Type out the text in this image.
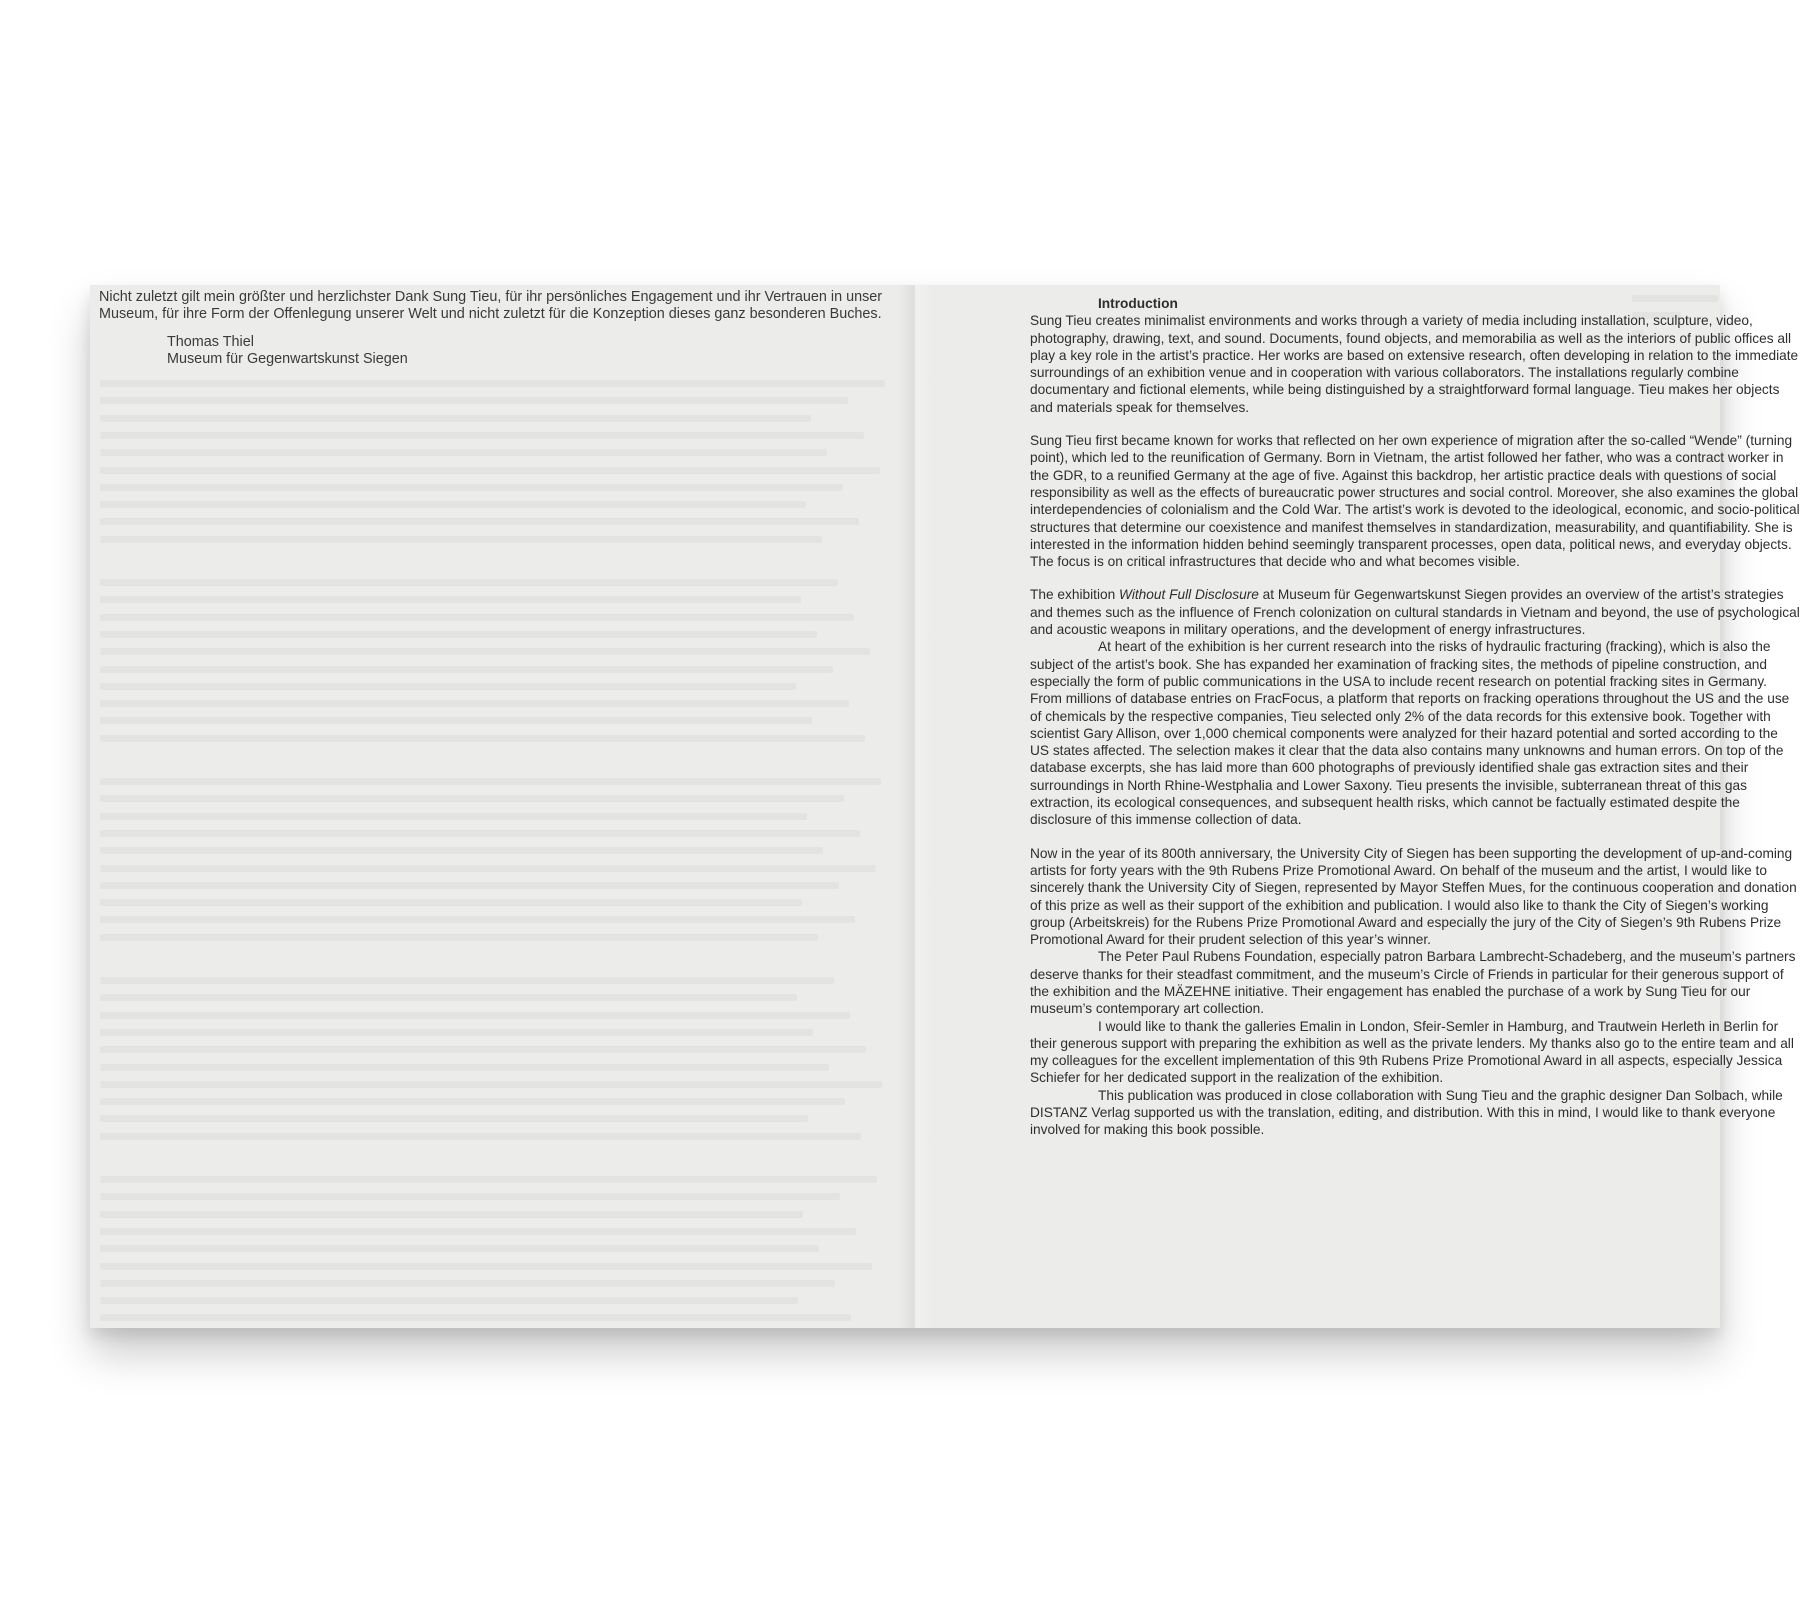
Nicht zuletzt gilt mein größter und herzlichster Dank Sung Tieu, für ihr persönliches Engagement und ihr Vertrauen in unser Museum, für ihre Form der Offenlegung unserer Welt und nicht zuletzt für die Konzeption dieses ganz besonderen Buches.

Thomas Thiel
Museum für Gegenwartskunst Siegen

Introduction

Sung Tieu creates minimalist environments and works through a variety of media including installation, sculpture, video, photography, drawing, text, and sound. Documents, found objects, and memorabilia as well as the interiors of public offices all play a key role in the artist’s practice. Her works are based on extensive research, often developing in relation to the immediate surroundings of an exhibition venue and in cooperation with various collaborators. The installations regularly combine documentary and fictional elements, while being distinguished by a straightforward formal language. Tieu makes her objects and materials speak for themselves.

Sung Tieu first became known for works that reflected on her own experience of migration after the so-called “Wende” (turning point), which led to the reunification of Germany. Born in Vietnam, the artist followed her father, who was a contract worker in the GDR, to a reunified Germany at the age of five. Against this backdrop, her artistic practice deals with questions of social responsibility as well as the effects of bureaucratic power structures and social control. Moreover, she also examines the global interdependencies of colonialism and the Cold War. The artist’s work is devoted to the ideological, economic, and socio-political structures that determine our coexistence and manifest themselves in standardization, measurability, and quantifiability. She is interested in the information hidden behind seemingly transparent processes, open data, political news, and everyday objects. The focus is on critical infrastructures that decide who and what becomes visible.

The exhibition Without Full Disclosure at Museum für Gegenwartskunst Siegen provides an overview of the artist’s strategies and themes such as the influence of French colonization on cultural standards in Vietnam and beyond, the use of psychological and acoustic weapons in military operations, and the development of energy infrastructures.

At heart of the exhibition is her current research into the risks of hydraulic fracturing (fracking), which is also the subject of the artist’s book. She has expanded her examination of fracking sites, the methods of pipeline construction, and especially the form of public communications in the USA to include recent research on potential fracking sites in Germany. From millions of database entries on FracFocus, a platform that reports on fracking operations throughout the US and the use of chemicals by the respective companies, Tieu selected only 2% of the data records for this extensive book. Together with scientist Gary Allison, over 1,000 chemical components were analyzed for their hazard potential and sorted according to the US states affected. The selection makes it clear that the data also contains many unknowns and human errors. On top of the database excerpts, she has laid more than 600 photographs of previously identified shale gas extraction sites and their surroundings in North Rhine-Westphalia and Lower Saxony. Tieu presents the invisible, subterranean threat of this gas extraction, its ecological consequences, and subsequent health risks, which cannot be factually estimated despite the disclosure of this immense collection of data.

Now in the year of its 800th anniversary, the University City of Siegen has been supporting the development of up-and-coming artists for forty years with the 9th Rubens Prize Promotional Award. On behalf of the museum and the artist, I would like to sincerely thank the University City of Siegen, represented by Mayor Steffen Mues, for the continuous cooperation and donation of this prize as well as their support of the exhibition and publication. I would also like to thank the City of Siegen’s working group (Arbeitskreis) for the Rubens Prize Promotional Award and especially the jury of the City of Siegen’s 9th Rubens Prize Promotional Award for their prudent selection of this year’s winner.

The Peter Paul Rubens Foundation, especially patron Barbara Lambrecht-Schadeberg, and the museum’s partners deserve thanks for their steadfast commitment, and the museum’s Circle of Friends in particular for their generous support of the exhibition and the MÄZEHNE initiative. Their engagement has enabled the purchase of a work by Sung Tieu for our museum’s contemporary art collection.

I would like to thank the galleries Emalin in London, Sfeir-Semler in Hamburg, and Trautwein Herleth in Berlin for their generous support with preparing the exhibition as well as the private lenders. My thanks also go to the entire team and all my colleagues for the excellent implementation of this 9th Rubens Prize Promotional Award in all aspects, especially Jessica Schiefer for her dedicated support in the realization of the exhibition.

This publication was produced in close collaboration with Sung Tieu and the graphic designer Dan Solbach, while DISTANZ Verlag supported us with the translation, editing, and distribution. With this in mind, I would like to thank everyone involved for making this book possible.
